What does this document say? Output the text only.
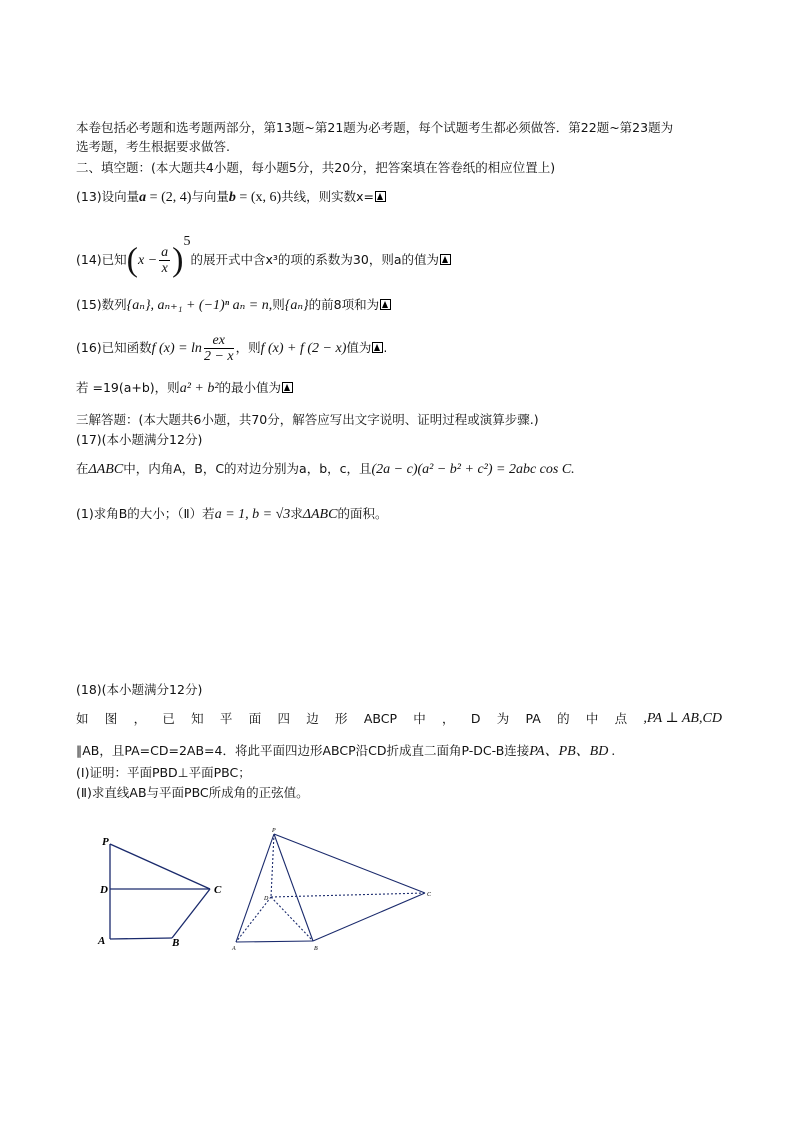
本卷包括必考题和选考题两部分，第13题~第21题为必考题，每个试题考生都必须做答．第22题~第23题为
选考题，考生根据要求做答.
二、填空题：(本大题共4小题，每小题5分，共20分，把答案填在答卷纸的相应位置上)
(13)设向量a = (2, 4)与向量b = (x, 6)共线，则实数x=
(14)已知$(x - \frac{a}{x} )^5$的展开式中含x³的项的系数为30，则a的值为
(15)数列{aₙ}, aₙ₊₁ + (−1)ⁿ aₙ = n,则{aₙ}的前8项和为
(16)已知函数f $(x) = \ln \frac{ex}{2 - x}$ ，则f (x) + f (2 − x)值为 .
若 =19(a+b)，则a² + b²的最小值为
三解答题：(本大题共6小题，共70分，解答应写出文字说明、证明过程或演算步骤.)
(17)(本小题满分12分)
在ΔABC中，内角A，B，C的对边分别为a，b，c，且(2a − c)(a² − b² + c²) = 2abc cos C.
(1)求角B的大小；（Ⅱ）若a = 1, b = √3求ΔABC的面积。
(18)(本小题满分12分)
如 图 ， 已 知 平 面 四 边 形 ABCP 中 ， D 为 PA 的 中 点 ,PA ⊥ AB,CD
∥AB，且PA=CD=2AB=4．将此平面四边形ABCP沿CD折成直二面角P-DC-B连接PA、PB、BD .
(Ⅰ)证明：平面PBD⊥平面PBC；
(Ⅱ)求直线AB与平面PBC所成角的正弦值。
P
D	C
A	B
P
D
C
A	B
